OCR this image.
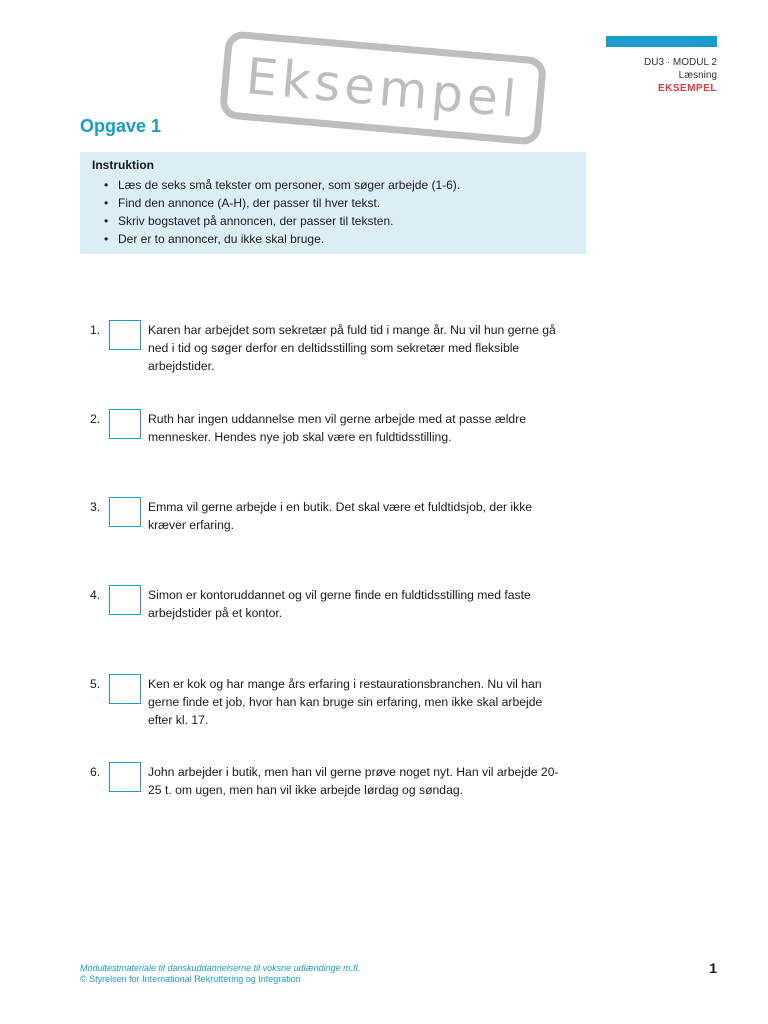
DU3 · MODUL 2
Læsning
EKSEMPEL
Eksempel
Opgave 1
Instruktion
• Læs de seks små tekster om personer, som søger arbejde (1-6).
• Find den annonce (A-H), der passer til hver tekst.
• Skriv bogstavet på annoncen, der passer til teksten.
• Der er to annoncer, du ikke skal bruge.
1.	Karen har arbejdet som sekretær på fuld tid i mange år. Nu vil hun gerne gå ned i tid og søger derfor en deltidsstilling som sekretær med fleksible arbejdstider.
2.	Ruth har ingen uddannelse men vil gerne arbejde med at passe ældre mennesker. Hendes nye job skal være en fuldtidsstilling.
3.	Emma vil gerne arbejde i en butik. Det skal være et fuldtidsjob, der ikke kræver erfaring.
4.	Simon er kontoruddannet og vil gerne finde en fuldtidsstilling med faste arbejdstider på et kontor.
5.	Ken er kok og har mange års erfaring i restaurationsbranchen. Nu vil han gerne finde et job, hvor han kan bruge sin erfaring, men ikke skal arbejde efter kl. 17.
6.	John arbejder i butik, men han vil gerne prøve noget nyt. Han vil arbejde 20-25 t. om ugen, men han vil ikke arbejde lørdag og søndag.
Modultestmateriale til danskuddannelserne til voksne udlændinge m.fl.
© Styrelsen for International Rekruttering og Integration
1
